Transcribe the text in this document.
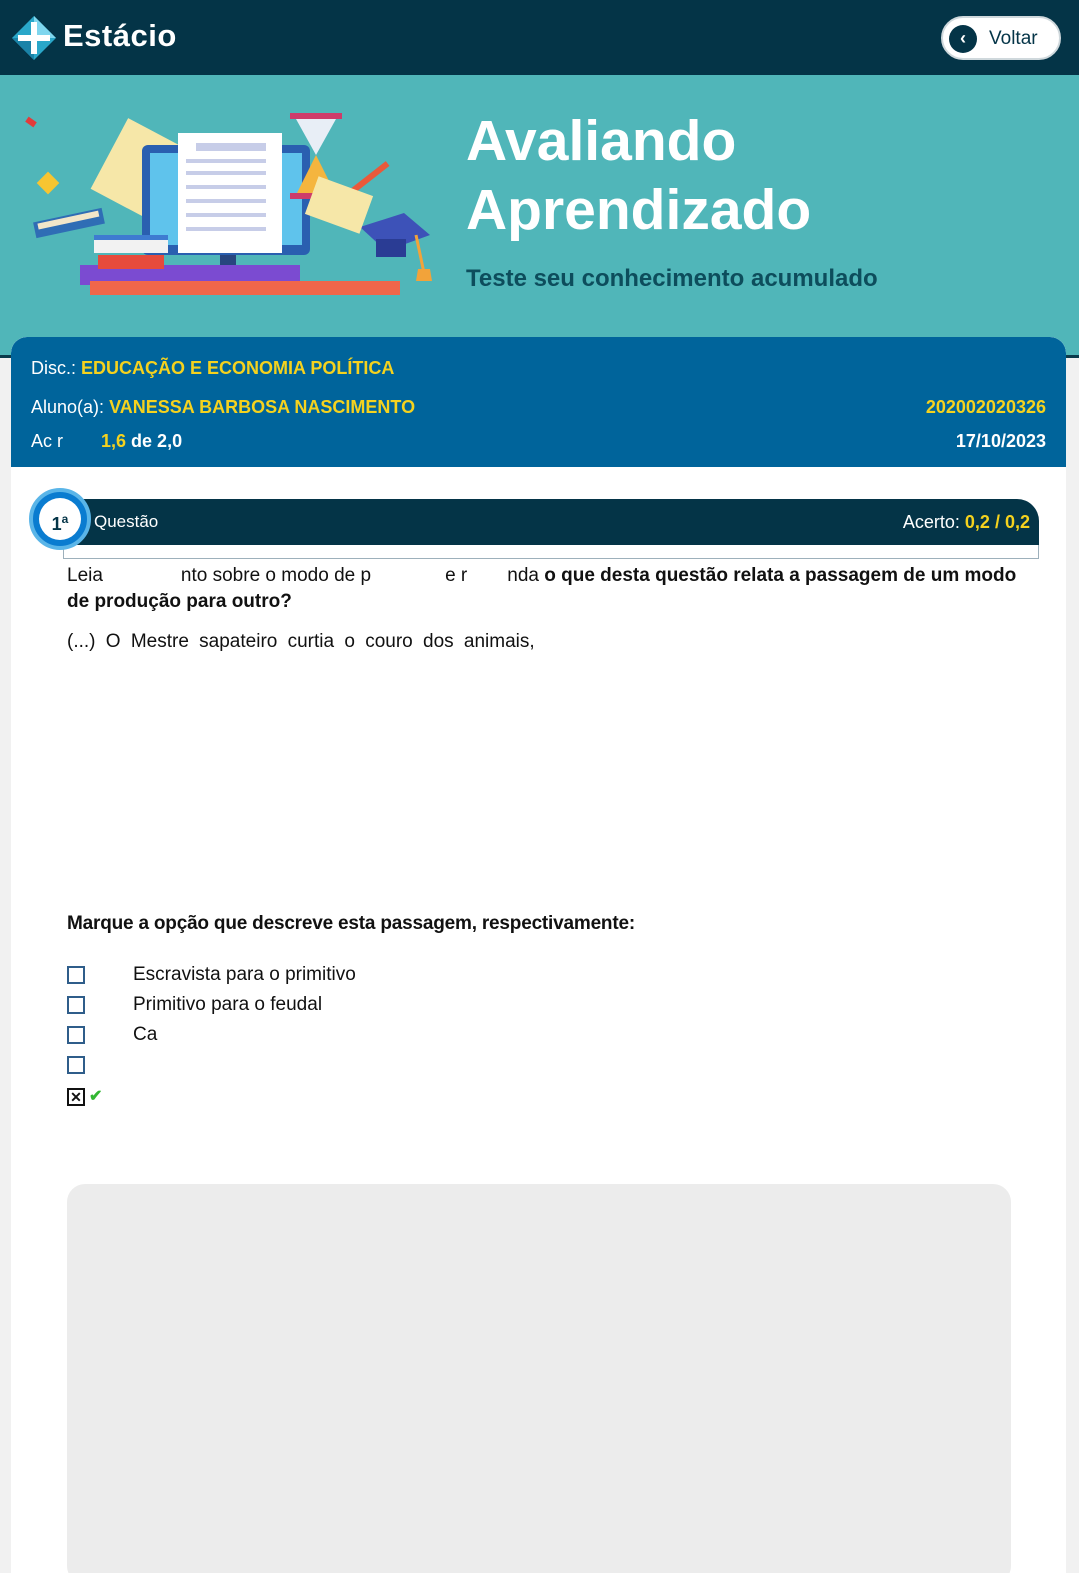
Estácio	‹	Voltar
Avaliando
Aprendizado
Teste seu conhecimento acumulado
Disc.: EDUCAÇÃO E ECONOMIA POLÍTICA
Aluno(a): VANESSA BARBOSA NASCIMENTO	202002020326
Ac r 1,6 de 2,0	17/10/2023
1$^a$	Questão	Acerto: 0,2 / 0,2
Leia	nto sobre o modo de p	e r nda o que desta questão relata a passagem de um modo de produção para outro?
(...) O Mestre sapateiro curtia o couro dos animais,
Marque a opção que descreve esta passagem, respectivamente:
Escravista para o primitivo
Primitivo para o feudal
Ca
✕ ✔
